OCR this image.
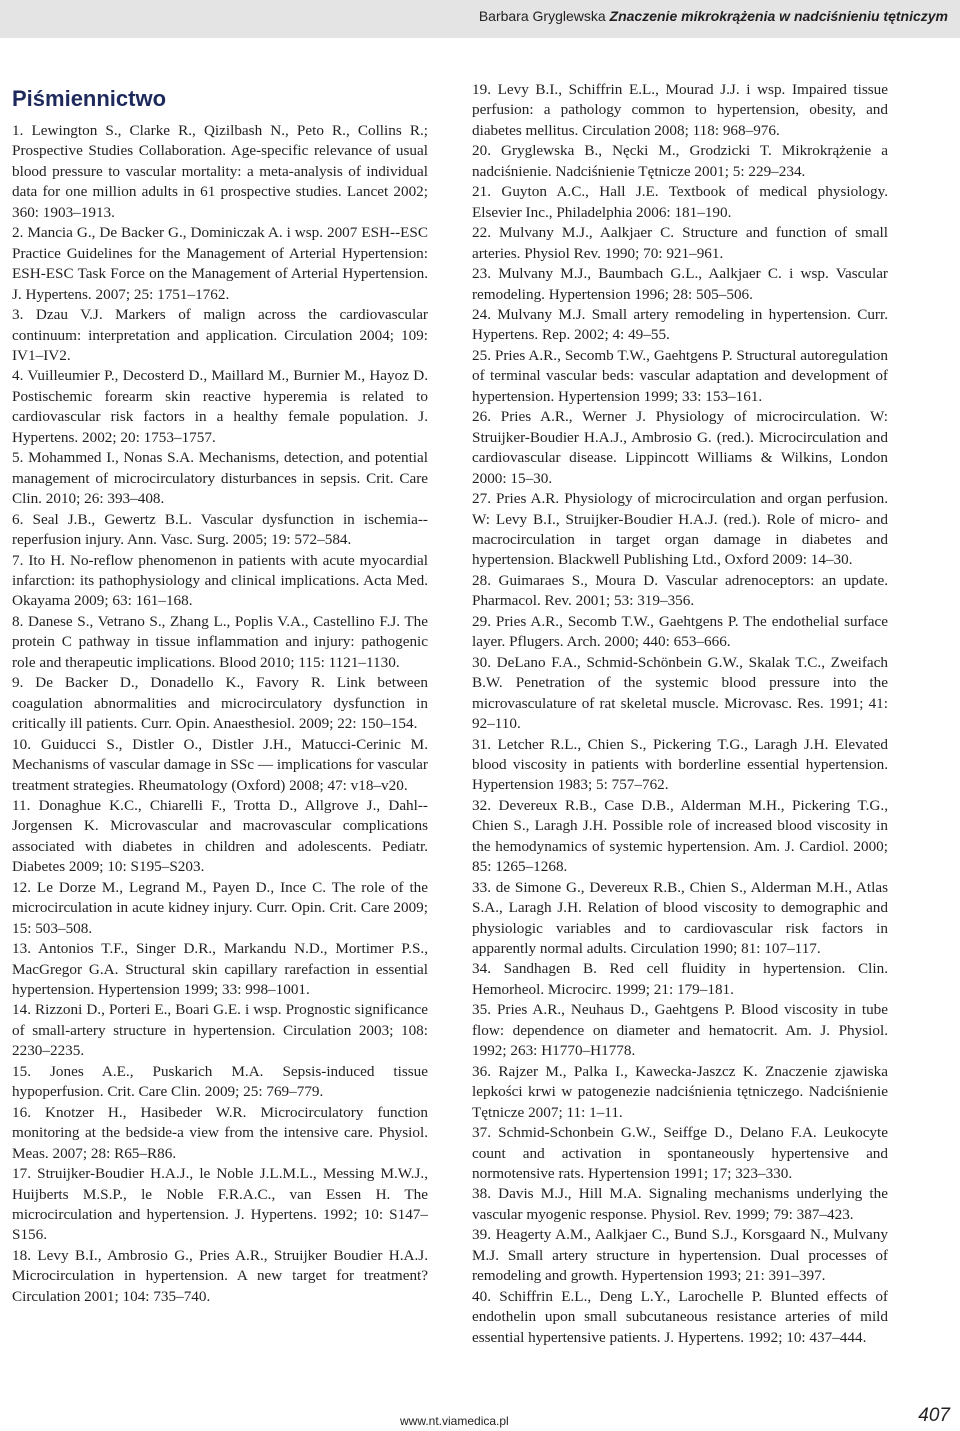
Barbara Gryglewska Znaczenie mikrokrążenia w nadciśnieniu tętniczym
Piśmiennictwo

1. Lewington S., Clarke R., Qizilbash N., Peto R., Collins R.; Prospective Studies Collaboration. Age-specific relevance of usual blood pressure to vascular mortality: a meta-analysis of individual data for one million adults in 61 prospective studies. Lancet 2002; 360: 1903–1913.

2. Mancia G., De Backer G., Dominiczak A. i wsp. 2007 ESH--ESC Practice Guidelines for the Management of Arterial Hypertension: ESH-ESC Task Force on the Management of Arterial Hypertension. J. Hypertens. 2007; 25: 1751–1762.

3. Dzau V.J. Markers of malign across the cardiovascular continuum: interpretation and application. Circulation 2004; 109: IV1–IV2.

4. Vuilleumier P., Decosterd D., Maillard M., Burnier M., Hayoz D. Postischemic forearm skin reactive hyperemia is related to cardiovascular risk factors in a healthy female population. J. Hypertens. 2002; 20: 1753–1757.

5. Mohammed I., Nonas S.A. Mechanisms, detection, and potential management of microcirculatory disturbances in sepsis. Crit. Care Clin. 2010; 26: 393–408.

6. Seal J.B., Gewertz B.L. Vascular dysfunction in ischemia--reperfusion injury. Ann. Vasc. Surg. 2005; 19: 572–584.

7. Ito H. No-reflow phenomenon in patients with acute myocardial infarction: its pathophysiology and clinical implications. Acta Med. Okayama 2009; 63: 161–168.

8. Danese S., Vetrano S., Zhang L., Poplis V.A., Castellino F.J. The protein C pathway in tissue inflammation and injury: pathogenic role and therapeutic implications. Blood 2010; 115: 1121–1130.

9. De Backer D., Donadello K., Favory R. Link between coagulation abnormalities and microcirculatory dysfunction in critically ill patients. Curr. Opin. Anaesthesiol. 2009; 22: 150–154.

10. Guiducci S., Distler O., Distler J.H., Matucci-Cerinic M. Mechanisms of vascular damage in SSc — implications for vascular treatment strategies. Rheumatology (Oxford) 2008; 47: v18–v20.

11. Donaghue K.C., Chiarelli F., Trotta D., Allgrove J., Dahl--Jorgensen K. Microvascular and macrovascular complications associated with diabetes in children and adolescents. Pediatr. Diabetes 2009; 10: S195–S203.

12. Le Dorze M., Legrand M., Payen D., Ince C. The role of the microcirculation in acute kidney injury. Curr. Opin. Crit. Care 2009; 15: 503–508.

13. Antonios T.F., Singer D.R., Markandu N.D., Mortimer P.S., MacGregor G.A. Structural skin capillary rarefaction in essential hypertension. Hypertension 1999; 33: 998–1001.

14. Rizzoni D., Porteri E., Boari G.E. i wsp. Prognostic significance of small-artery structure in hypertension. Circulation 2003; 108: 2230–2235.

15. Jones A.E., Puskarich M.A. Sepsis-induced tissue hypoperfusion. Crit. Care Clin. 2009; 25: 769–779.

16. Knotzer H., Hasibeder W.R. Microcirculatory function monitoring at the bedside-a view from the intensive care. Physiol. Meas. 2007; 28: R65–R86.

17. Struijker-Boudier H.A.J., le Noble J.L.M.L., Messing M.W.J., Huijberts M.S.P., le Noble F.R.A.C., van Essen H. The microcirculation and hypertension. J. Hypertens. 1992; 10: S147–S156.

18. Levy B.I., Ambrosio G., Pries A.R., Struijker Boudier H.A.J. Microcirculation in hypertension. A new target for treatment? Circulation 2001; 104: 735–740.

19. Levy B.I., Schiffrin E.L., Mourad J.J. i wsp. Impaired tissue perfusion: a pathology common to hypertension, obesity, and diabetes mellitus. Circulation 2008; 118: 968–976.

20. Gryglewska B., Nęcki M., Grodzicki T. Mikrokrążenie a nadciśnienie. Nadciśnienie Tętnicze 2001; 5: 229–234.

21. Guyton A.C., Hall J.E. Textbook of medical physiology. Elsevier Inc., Philadelphia 2006: 181–190.

22. Mulvany M.J., Aalkjaer C. Structure and function of small arteries. Physiol Rev. 1990; 70: 921–961.

23. Mulvany M.J., Baumbach G.L., Aalkjaer C. i wsp. Vascular remodeling. Hypertension 1996; 28: 505–506.

24. Mulvany M.J. Small artery remodeling in hypertension. Curr. Hypertens. Rep. 2002; 4: 49–55.

25. Pries A.R., Secomb T.W., Gaehtgens P. Structural autoregulation of terminal vascular beds: vascular adaptation and development of hypertension. Hypertension 1999; 33: 153–161.

26. Pries A.R., Werner J. Physiology of microcirculation. W: Struijker-Boudier H.A.J., Ambrosio G. (red.). Microcirculation and cardiovascular disease. Lippincott Williams & Wilkins, London 2000: 15–30.

27. Pries A.R. Physiology of microcirculation and organ perfusion. W: Levy B.I., Struijker-Boudier H.A.J. (red.). Role of micro- and macrocirculation in target organ damage in diabetes and hypertension. Blackwell Publishing Ltd., Oxford 2009: 14–30.

28. Guimaraes S., Moura D. Vascular adrenoceptors: an update. Pharmacol. Rev. 2001; 53: 319–356.

29. Pries A.R., Secomb T.W., Gaehtgens P. The endothelial surface layer. Pflugers. Arch. 2000; 440: 653–666.

30. DeLano F.A., Schmid-Schönbein G.W., Skalak T.C., Zweifach B.W. Penetration of the systemic blood pressure into the microvasculature of rat skeletal muscle. Microvasc. Res. 1991; 41: 92–110.

31. Letcher R.L., Chien S., Pickering T.G., Laragh J.H. Elevated blood viscosity in patients with borderline essential hypertension. Hypertension 1983; 5: 757–762.

32. Devereux R.B., Case D.B., Alderman M.H., Pickering T.G., Chien S., Laragh J.H. Possible role of increased blood viscosity in the hemodynamics of systemic hypertension. Am. J. Cardiol. 2000; 85: 1265–1268.

33. de Simone G., Devereux R.B., Chien S., Alderman M.H., Atlas S.A., Laragh J.H. Relation of blood viscosity to demographic and physiologic variables and to cardiovascular risk factors in apparently normal adults. Circulation 1990; 81: 107–117.

34. Sandhagen B. Red cell fluidity in hypertension. Clin. Hemorheol. Microcirc. 1999; 21: 179–181.

35. Pries A.R., Neuhaus D., Gaehtgens P. Blood viscosity in tube flow: dependence on diameter and hematocrit. Am. J. Physiol. 1992; 263: H1770–H1778.

36. Rajzer M., Palka I., Kawecka-Jaszcz K. Znaczenie zjawiska lepkości krwi w patogenezie nadciśnienia tętniczego. Nadciśnienie Tętnicze 2007; 11: 1–11.

37. Schmid-Schonbein G.W., Seiffge D., Delano F.A. Leukocyte count and activation in spontaneously hypertensive and normotensive rats. Hypertension 1991; 17; 323–330.

38. Davis M.J., Hill M.A. Signaling mechanisms underlying the vascular myogenic response. Physiol. Rev. 1999; 79: 387–423.

39. Heagerty A.M., Aalkjaer C., Bund S.J., Korsgaard N., Mulvany M.J. Small artery structure in hypertension. Dual processes of remodeling and growth. Hypertension 1993; 21: 391–397.

40. Schiffrin E.L., Deng L.Y., Larochelle P. Blunted effects of endothelin upon small subcutaneous resistance arteries of mild essential hypertensive patients. J. Hypertens. 1992; 10: 437–444.

www.nt.viamedica.pl	407
